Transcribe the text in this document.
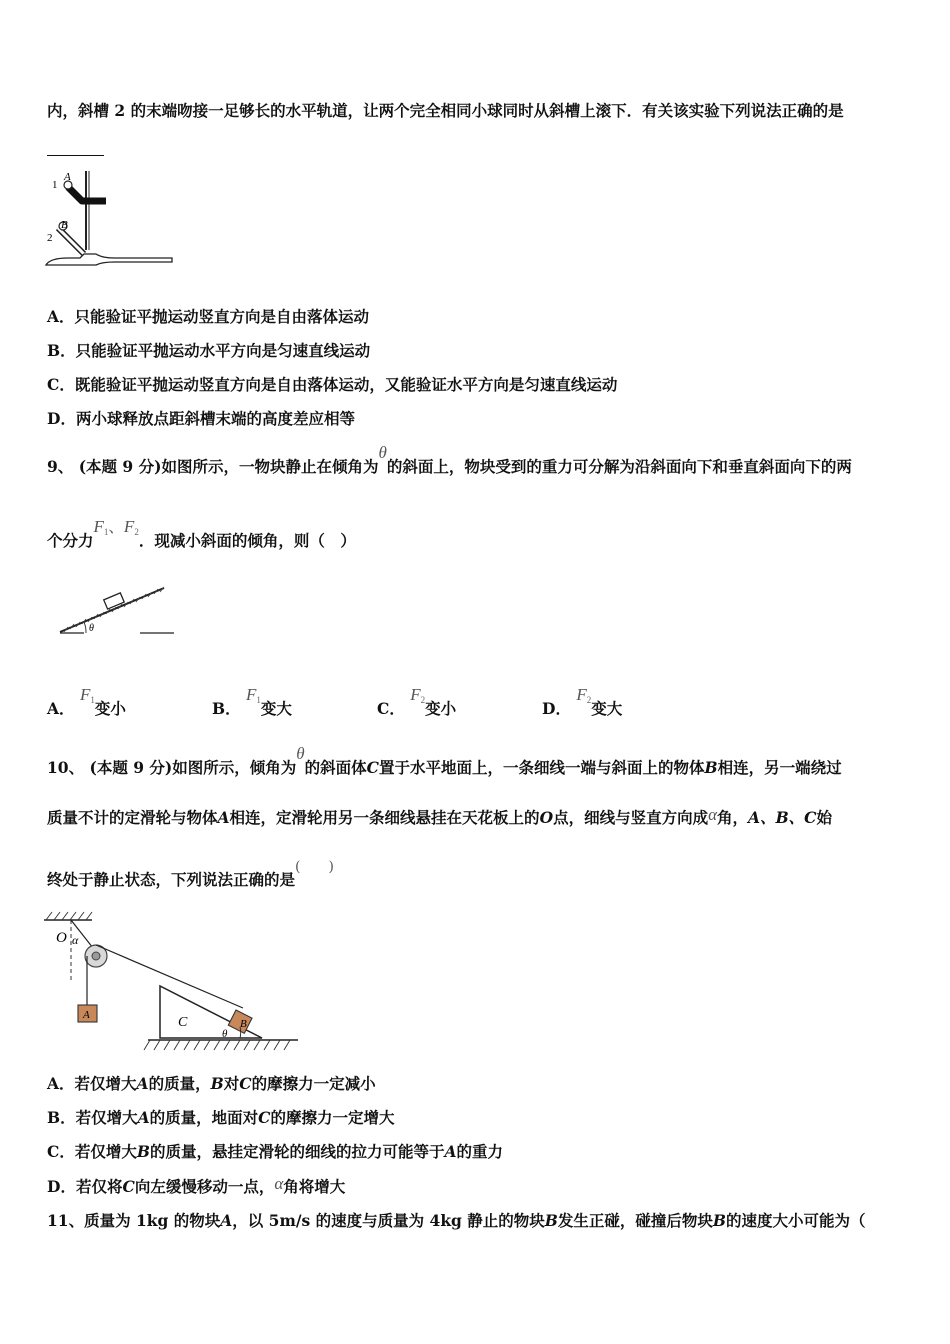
内，斜槽 2 的末端吻接一足够长的水平轨道，让两个完全相同小球同时从斜槽上滚下．有关该实验下列说法正确的是
1
A
2
B
A．只能验证平抛运动竖直方向是自由落体运动
B．只能验证平抛运动水平方向是匀速直线运动
C．既能验证平抛运动竖直方向是自由落体运动，又能验证水平方向是匀速直线运动
D．两小球释放点距斜槽末端的高度差应相等
9、 (本题 9 分)如图所示，一物块静止在倾角为θ的斜面上，物块受到的重力可分解为沿斜面向下和垂直斜面向下的两
个分力$F_1$、$F_2$．现减小斜面的倾角，则（　）
θ
A． $F_1$变小	B． $F_1$变大	C． $F_2$变小	D． $F_2$变大
10、 (本题 9 分)如图所示，倾角为θ的斜面体C置于水平地面上，一条细线一端与斜面上的物体B相连，另一端绕过
质量不计的定滑轮与物体A相连，定滑轮用另一条细线悬挂在天花板上的O点，细线与竖直方向成α角，A、B、C始
终处于静止状态，下列说法正确的是(　　)
O α
A	C	B
θ
A．若仅增大A的质量，B对C的摩擦力一定减小
B．若仅增大A的质量，地面对C的摩擦力一定增大
C．若仅增大B的质量，悬挂定滑轮的细线的拉力可能等于A的重力
D．若仅将C向左缓慢移动一点，α角将增大
11、质量为 1kg 的物块A，以 5m/s 的速度与质量为 4kg 静止的物块B发生正碰，碰撞后物块B的速度大小可能为（
